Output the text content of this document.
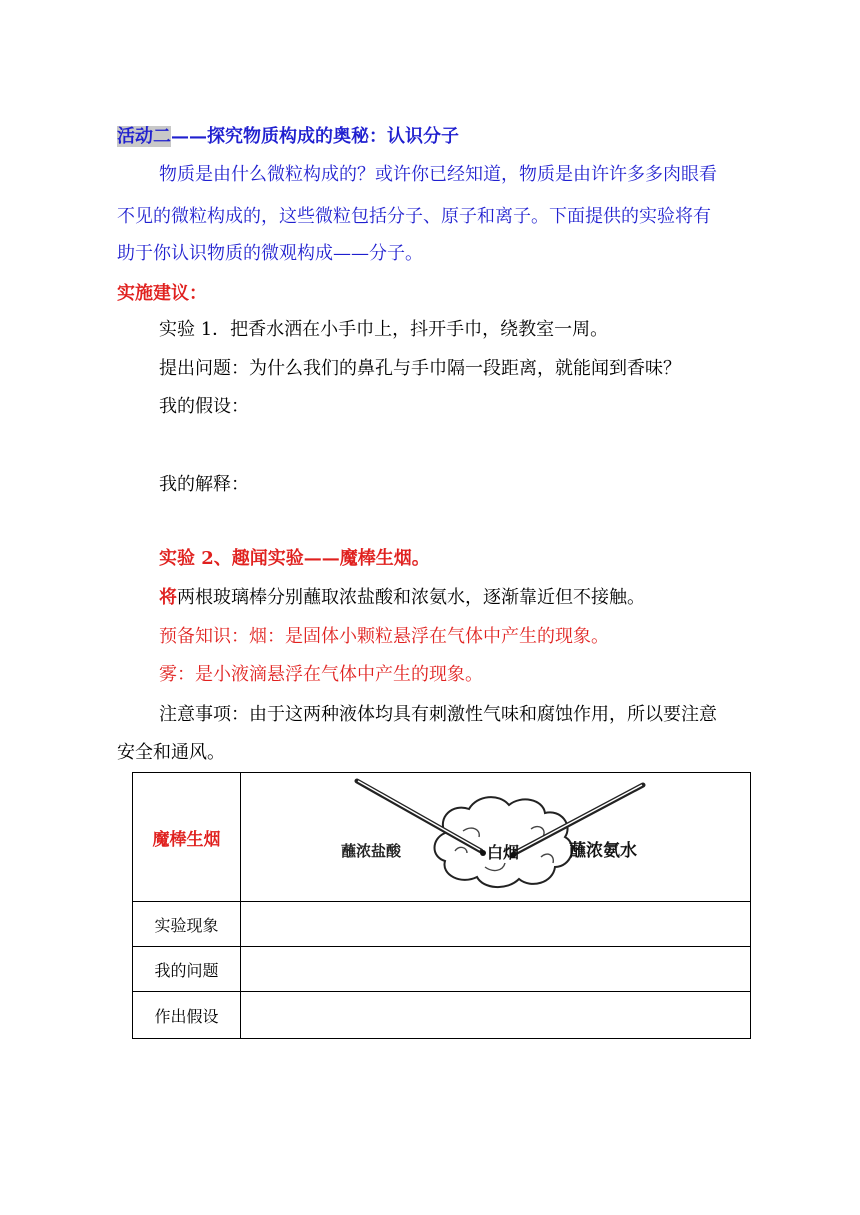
活动二——探究物质构成的奥秘：认识分子
物质是由什么微粒构成的？或许你已经知道，物质是由许许多多肉眼看
不见的微粒构成的，这些微粒包括分子、原子和离子。下面提供的实验将有
助于你认识物质的微观构成——分子。
实施建议：
实验 1．把香水洒在小手巾上，抖开手巾，绕教室一周。
提出问题：为什么我们的鼻孔与手巾隔一段距离，就能闻到香味？
我的假设：
我的解释：
实验 2、趣闻实验——魔棒生烟。
将两根玻璃棒分别蘸取浓盐酸和浓氨水，逐渐靠近但不接触。
预备知识：烟：是固体小颗粒悬浮在气体中产生的现象。
雾：是小液滴悬浮在气体中产生的现象。
注意事项：由于这两种液体均具有刺激性气味和腐蚀作用，所以要注意
安全和通风。
魔棒生烟	蘸浓盐酸 白烟 蘸浓氨水

实验现象	
我的问题	
作出假设	
